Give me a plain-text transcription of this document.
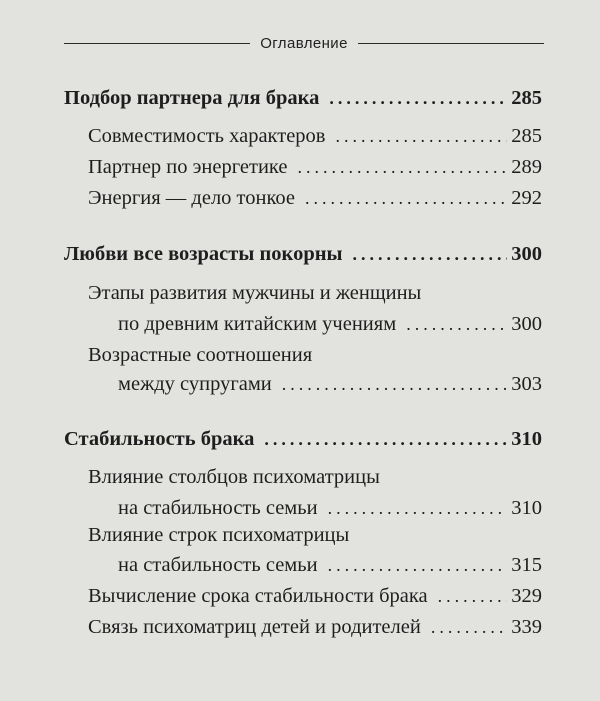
Оглавление
Подбор партнера для брака .....	285
Совместимость характеров .....	285
Партнер по энергетике .....	289
Энергия — дело тонкое .....	292
Любви все возрасты покорны .....	300
Этапы развития мужчины и женщины
по древним китайским учениям .....	300
Возрастные соотношения
между супругами .....	303
Стабильность брака .....	310
Влияние столбцов психоматрицы
на стабильность семьи .....	310
Влияние строк психоматрицы
на стабильность семьи .....	315
Вычисление срока стабильности брака .....	329
Связь психоматриц детей и родителей .....	339
